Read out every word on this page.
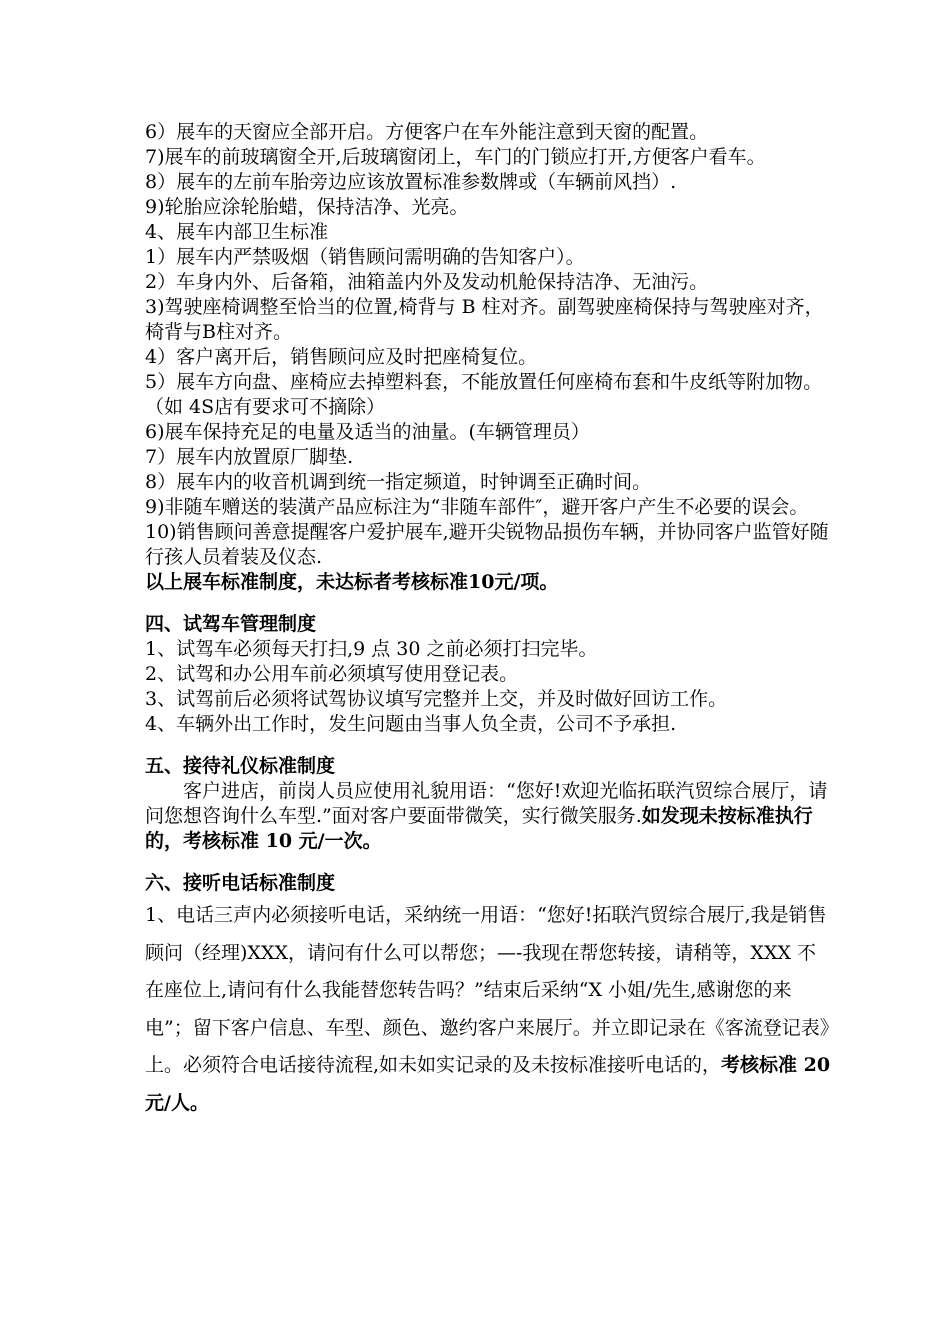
6）展车的天窗应全部开启。方便客户在车外能注意到天窗的配置。

7)展车的前玻璃窗全开,后玻璃窗闭上，车门的门锁应打开,方便客户看车。

8）展车的左前车胎旁边应该放置标准参数牌或（车辆前风挡）.

9)轮胎应涂轮胎蜡，保持洁净、光亮。

4、展车内部卫生标准

1）展车内严禁吸烟（销售顾问需明确的告知客户）。

2）车身内外、后备箱，油箱盖内外及发动机舱保持洁净、无油污。

3)驾驶座椅调整至恰当的位置,椅背与 B 柱对齐。副驾驶座椅保持与驾驶座对齐，椅背与B柱对齐。

4）客户离开后，销售顾问应及时把座椅复位。

5）展车方向盘、座椅应去掉塑料套，不能放置任何座椅布套和牛皮纸等附加物。（如 4S店有要求可不摘除）

6)展车保持充足的电量及适当的油量。(车辆管理员）

7）展车内放置原厂脚垫.

8）展车内的收音机调到统一指定频道，时钟调至正确时间。

9)非随车赠送的装潢产品应标注为“非随车部件″，避开客户产生不必要的误会。

10)销售顾问善意提醒客户爱护展车,避开尖锐物品损伤车辆，并协同客户监管好随行孩人员着装及仪态.

以上展车标准制度，未达标者考核标准10元/项。

四、试驾车管理制度

1、试驾车必须每天打扫,9 点 30 之前必须打扫完毕。

2、试驾和办公用车前必须填写使用登记表。

3、试驾前后必须将试驾协议填写完整并上交，并及时做好回访工作。

4、车辆外出工作时，发生问题由当事人负全责，公司不予承担.

五、接待礼仪标准制度

客户进店，前岗人员应使用礼貌用语：“您好!欢迎光临拓联汽贸综合展厅，请问您想咨询什么车型.”面对客户要面带微笑，实行微笑服务.如发现未按标准执行的，考核标准 10 元/一次。

六、接听电话标准制度

1、电话三声内必须接听电话，采纳统一用语：“您好!拓联汽贸综合展厅,我是销售顾问（经理)XXX，请问有什么可以帮您；—-我现在帮您转接，请稍等，XXX 不在座位上,请问有什么我能替您转告吗？”结束后采纳“X 小姐/先生,感谢您的来电”；留下客户信息、车型、颜色、邀约客户来展厅。并立即记录在《客流登记表》上。必须符合电话接待流程,如未如实记录的及未按标准接听电话的，考核标准 20 元/人。
